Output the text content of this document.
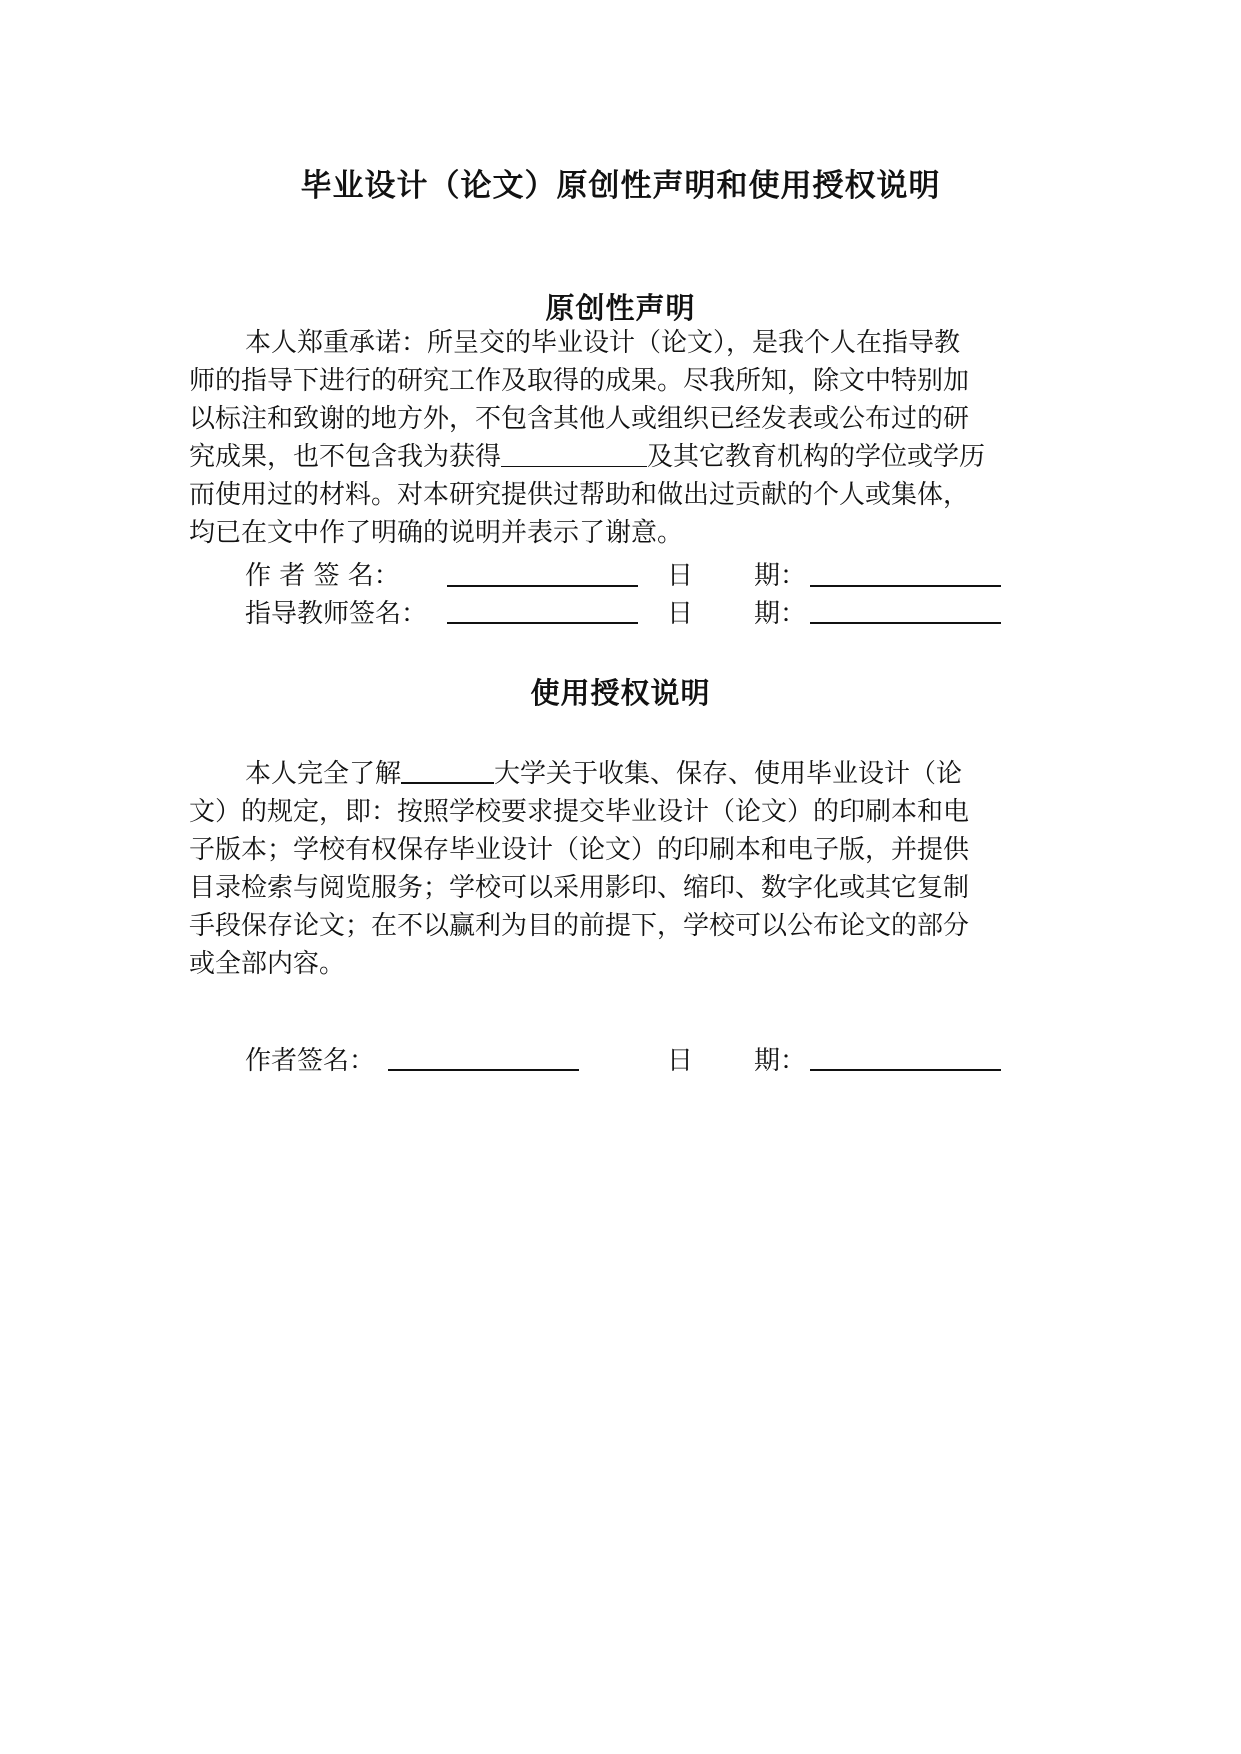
毕业设计（论文）原创性声明和使用授权说明
原创性声明
本人郑重承诺：所呈交的毕业设计（论文），是我个人在指导教
师的指导下进行的研究工作及取得的成果。尽我所知，除文中特别加
以标注和致谢的地方外，不包含其他人或组织已经发表或公布过的研
究成果，也不包含我为获得	及其它教育机构的学位或学历
而使用过的材料。对本研究提供过帮助和做出过贡献的个人或集体，
均已在文中作了明确的说明并表示了谢意。
作 者 签 名：	日 期：
指导教师签名：	日 期：
使用授权说明
本人完全了解	大学关于收集、保存、使用毕业设计（论
文）的规定，即：按照学校要求提交毕业设计（论文）的印刷本和电
子版本；学校有权保存毕业设计（论文）的印刷本和电子版，并提供
目录检索与阅览服务；学校可以采用影印、缩印、数字化或其它复制
手段保存论文；在不以赢利为目的前提下，学校可以公布论文的部分
或全部内容。
作者签名：	日 期：
